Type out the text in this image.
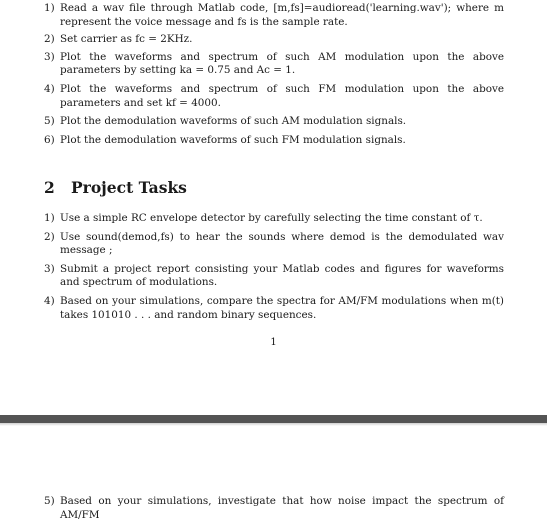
1) Read a wav file through Matlab code, [m,fs]=audioread('learning.wav'); where m represent the voice message and fs is the sample rate.
2) Set carrier as fc = 2KHz.
3) Plot the waveforms and spectrum of such AM modulation upon the above parameters by setting ka = 0.75 and Ac = 1.
4) Plot the waveforms and spectrum of such FM modulation upon the above parameters and set kf = 4000.
5) Plot the demodulation waveforms of such AM modulation signals.
6) Plot the demodulation waveforms of such FM modulation signals.
2 Project Tasks
1) Use a simple RC envelope detector by carefully selecting the time constant of τ.
2) Use sound(demod,fs) to hear the sounds where demod is the demodulated wav message ;
3) Submit a project report consisting your Matlab codes and figures for waveforms and spectrum of modulations.
4) Based on your simulations, compare the spectra for AM/FM modulations when m(t) takes 101010 . . . and random binary sequences.
1
5) Based on your simulations, investigate that how noise impact the spectrum of AM/FM
